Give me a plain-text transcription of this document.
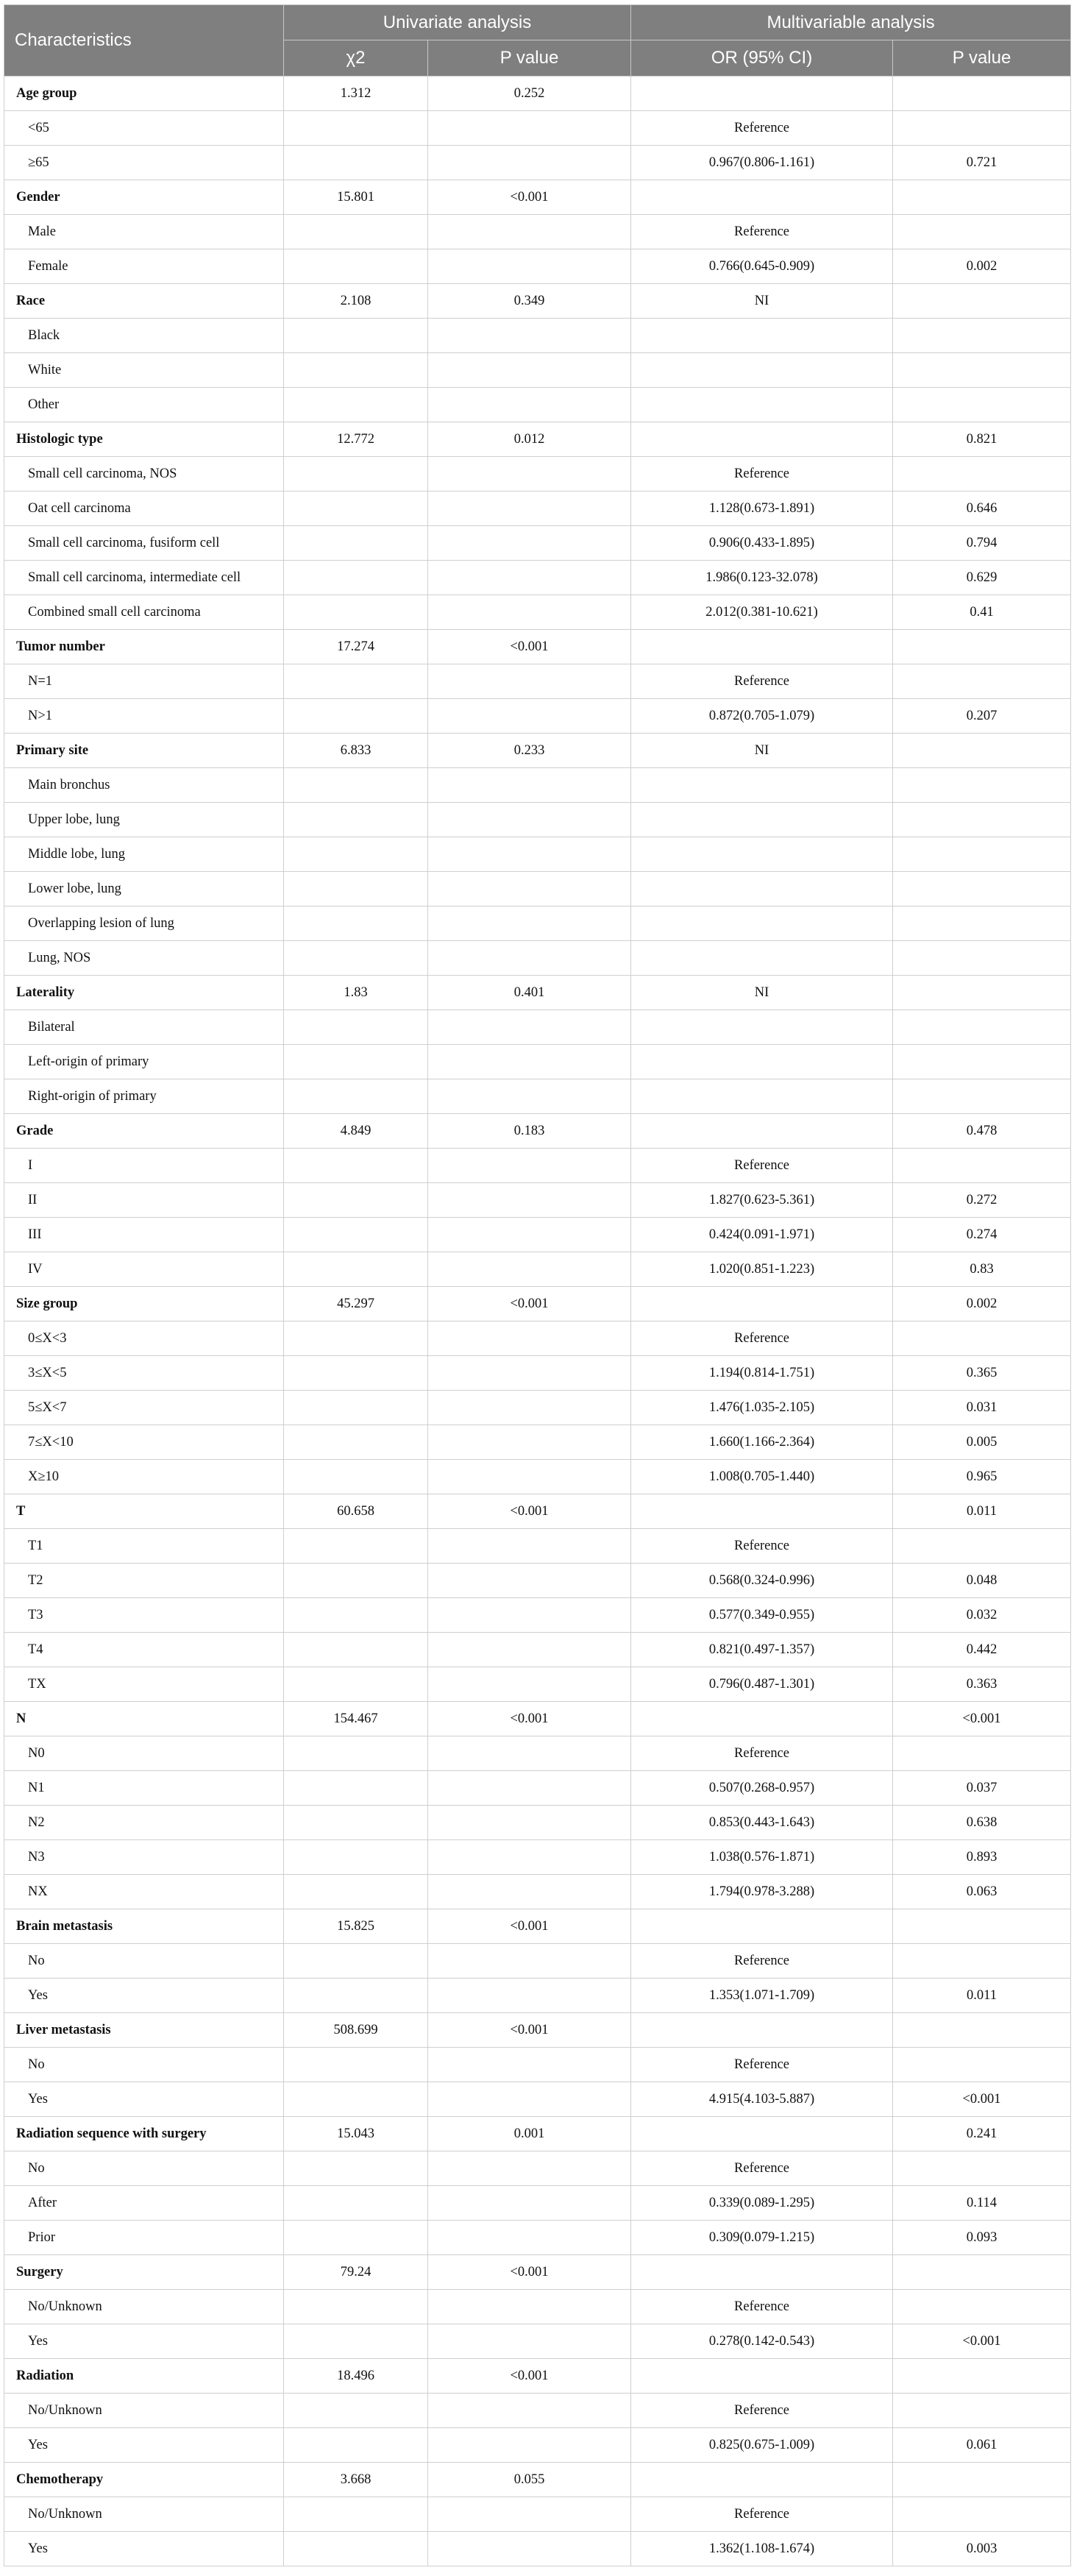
Characteristics	Univariate analysis		Multivariable analysis	
	χ2	P value	OR (95% CI)	P value
Age group	1.312	0.252		
<65			Reference	
≥65			0.967(0.806-1.161)	0.721
Gender	15.801	<0.001		
Male			Reference	
Female			0.766(0.645-0.909)	0.002
Race	2.108	0.349	NI	
Black				
White				
Other				
Histologic type	12.772	0.012		0.821
Small cell carcinoma, NOS			Reference	
Oat cell carcinoma			1.128(0.673-1.891)	0.646
Small cell carcinoma, fusiform cell			0.906(0.433-1.895)	0.794
Small cell carcinoma, intermediate cell			1.986(0.123-32.078)	0.629
Combined small cell carcinoma			2.012(0.381-10.621)	0.41
Tumor number	17.274	<0.001		
N=1			Reference	
N>1			0.872(0.705-1.079)	0.207
Primary site	6.833	0.233	NI	
Main bronchus				
Upper lobe, lung				
Middle lobe, lung				
Lower lobe, lung				
Overlapping lesion of lung				
Lung, NOS				
Laterality	1.83	0.401	NI	
Bilateral				
Left-origin of primary				
Right-origin of primary				
Grade	4.849	0.183		0.478
I			Reference	
II			1.827(0.623-5.361)	0.272
III			0.424(0.091-1.971)	0.274
IV			1.020(0.851-1.223)	0.83
Size group	45.297	<0.001		0.002
0≤X<3			Reference	
3≤X<5			1.194(0.814-1.751)	0.365
5≤X<7			1.476(1.035-2.105)	0.031
7≤X<10			1.660(1.166-2.364)	0.005
X≥10			1.008(0.705-1.440)	0.965
T	60.658	<0.001		0.011
T1			Reference	
T2			0.568(0.324-0.996)	0.048
T3			0.577(0.349-0.955)	0.032
T4			0.821(0.497-1.357)	0.442
TX			0.796(0.487-1.301)	0.363
N	154.467	<0.001		<0.001
N0			Reference	
N1			0.507(0.268-0.957)	0.037
N2			0.853(0.443-1.643)	0.638
N3			1.038(0.576-1.871)	0.893
NX			1.794(0.978-3.288)	0.063
Brain metastasis	15.825	<0.001		
No			Reference	
Yes			1.353(1.071-1.709)	0.011
Liver metastasis	508.699	<0.001		
No			Reference	
Yes			4.915(4.103-5.887)	<0.001
Radiation sequence with surgery	15.043	0.001		0.241
No			Reference	
After			0.339(0.089-1.295)	0.114
Prior			0.309(0.079-1.215)	0.093
Surgery	79.24	<0.001		
No/Unknown			Reference	
Yes			0.278(0.142-0.543)	<0.001
Radiation	18.496	<0.001		
No/Unknown			Reference	
Yes			0.825(0.675-1.009)	0.061
Chemotherapy	3.668	0.055		
No/Unknown			Reference	
Yes			1.362(1.108-1.674)	0.003
